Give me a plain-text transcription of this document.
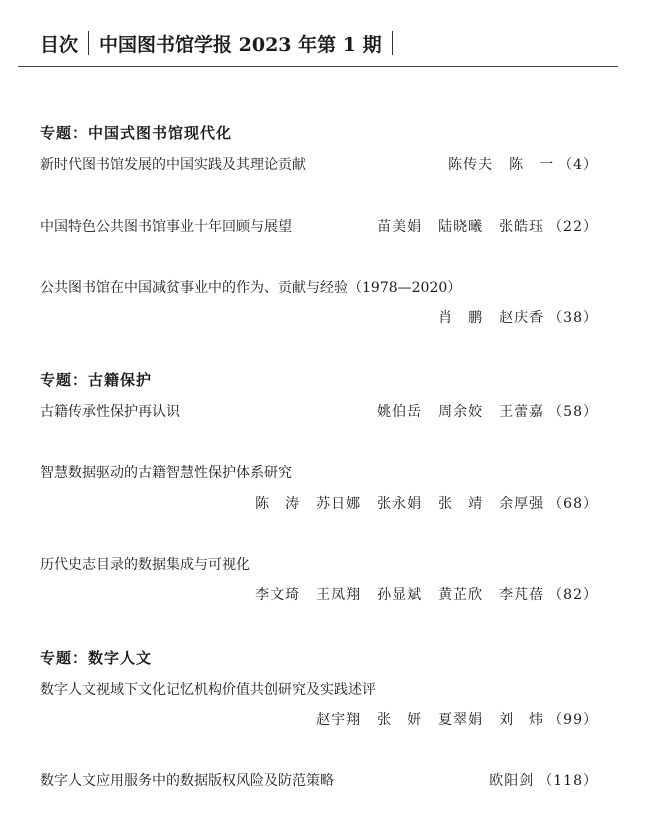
目次 中国图书馆学报 2023 年第 1 期
专题：中国式图书馆现代化
新时代图书馆发展的中国实践及其理论贡献	陈传夫 陈　一 （4）
中国特色公共图书馆事业十年回顾与展望	苗美娟 陆晓曦 张皓珏 （22）
公共图书馆在中国减贫事业中的作为、贡献与经验（1978—2020）
肖　鹏 赵庆香 （38）
专题：古籍保护
古籍传承性保护再认识	姚伯岳 周余姣 王蕾嘉 （58）
智慧数据驱动的古籍智慧性保护体系研究
陈　涛 苏日娜 张永娟 张　靖 余厚强 （68）
历代史志目录的数据集成与可视化
李文琦 王凤翔 孙显斌 黄芷欣 李芃蓓 （82）
专题：数字人文
数字人文视域下文化记忆机构价值共创研究及实践述评
赵宇翔 张　妍 夏翠娟 刘　炜 （99）
数字人文应用服务中的数据版权风险及防范策略	欧阳剑 （118）
